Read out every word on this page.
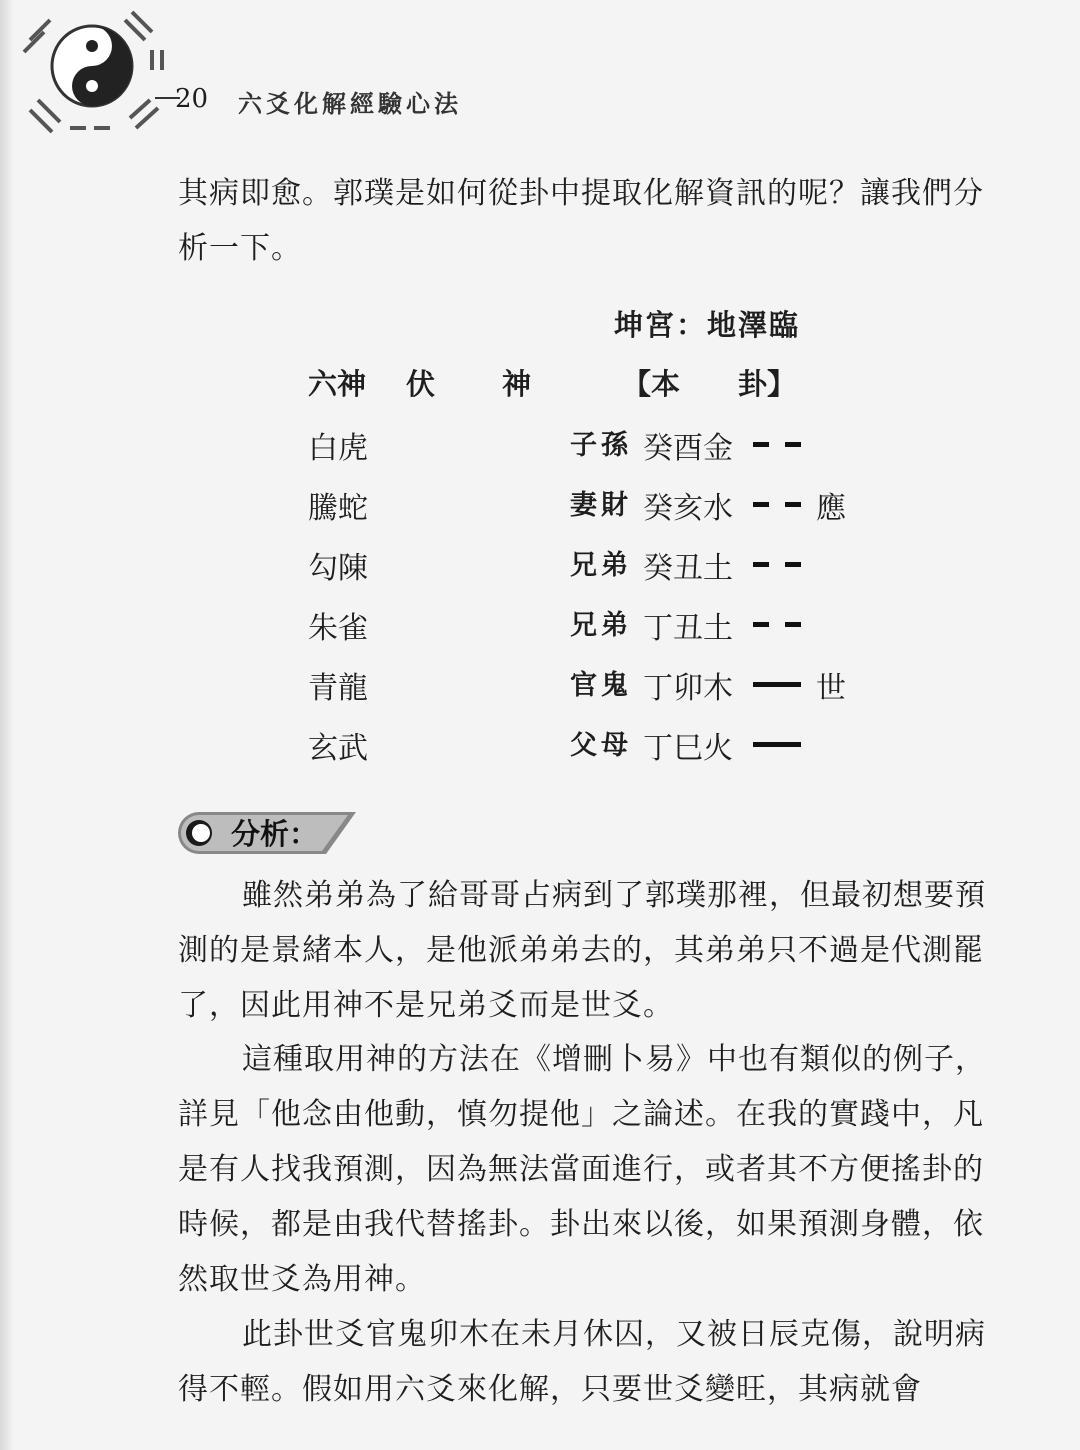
20 六爻化解經驗心法
其病即愈。郭璞是如何從卦中提取化解資訊的呢？讓我們分析一下。
坤宮：地澤臨
六神 伏 神	【本　　卦】
白虎	子孫 癸酉金
騰蛇	妻財 癸亥水	應
勾陳	兄弟 癸丑土
朱雀	兄弟 丁丑土
青龍	官鬼 丁卯木	世
玄武	父母 丁巳火
分析：
雖然弟弟為了給哥哥占病到了郭璞那裡，但最初想要預測的是景緒本人，是他派弟弟去的，其弟弟只不過是代測罷了，因此用神不是兄弟爻而是世爻。
這種取用神的方法在《增刪卜易》中也有類似的例子，詳見「他念由他動，慎勿提他」之論述。在我的實踐中，凡是有人找我預測，因為無法當面進行，或者其不方便搖卦的時候，都是由我代替搖卦。卦出來以後，如果預測身體，依然取世爻為用神。
此卦世爻官鬼卯木在未月休囚，又被日辰克傷，說明病得不輕。假如用六爻來化解，只要世爻變旺，其病就會
